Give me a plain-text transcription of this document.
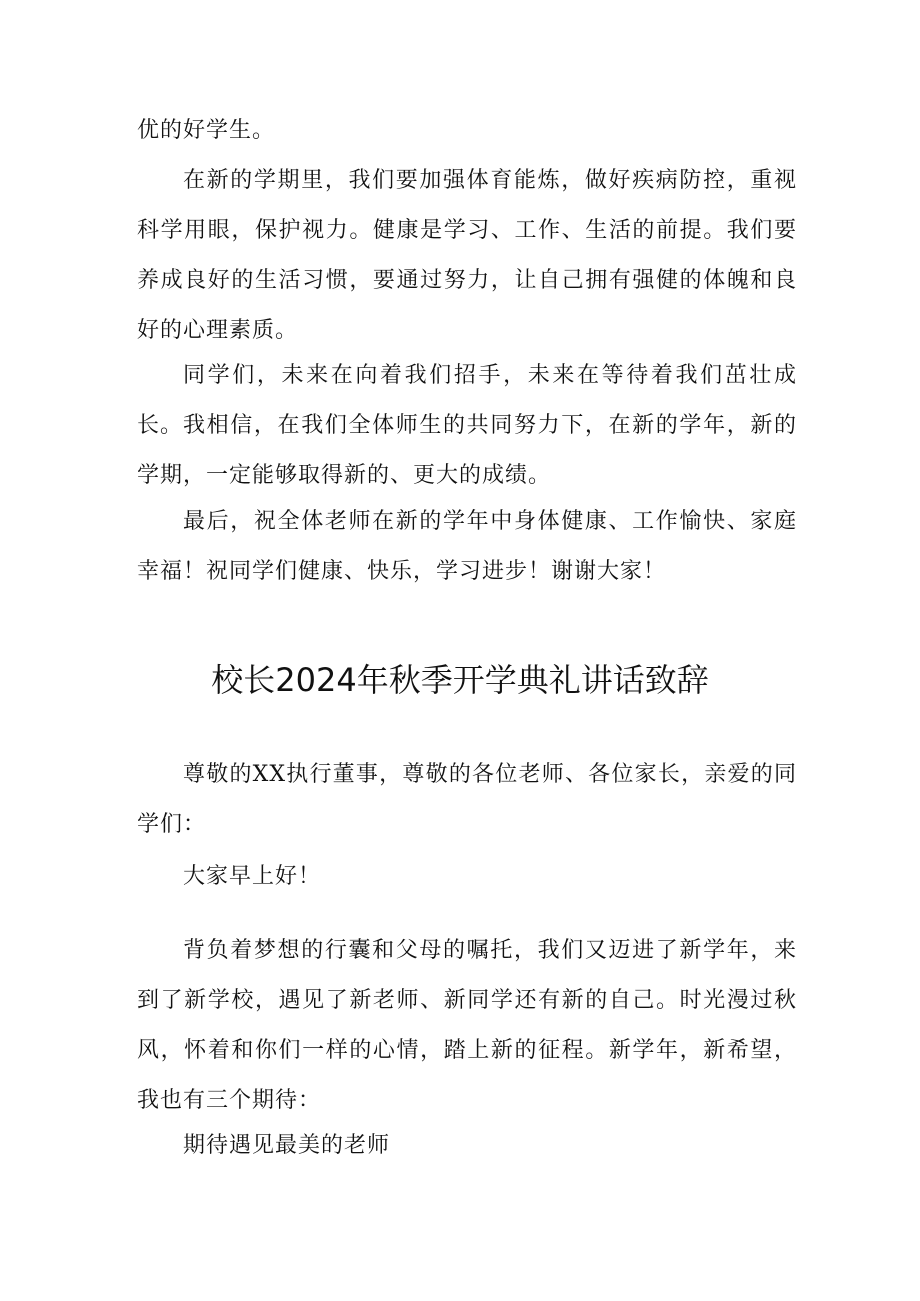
优的好学生。

在新的学期里，我们要加强体育能炼，做好疾病防控，重视科学用眼，保护视力。健康是学习、工作、生活的前提。我们要养成良好的生活习惯，要通过努力，让自己拥有强健的体魄和良好的心理素质。

同学们，未来在向着我们招手，未来在等待着我们茁壮成长。 我相信，在我们全体师生的共同努力下，在新的学年，新的学期，一定能够取得新的、更大的成绩。

最后，祝全体老师在新的学年中身体健康、工作愉快、家庭幸福！祝同学们健康、快乐，学习进步！谢谢大家！

校长2024年秋季开学典礼讲话致辞

尊敬的XX执行董事，尊敬的各位老师、各位家长，亲爱的同学们：

大家早上好！

背负着梦想的行囊和父母的嘱托，我们又迈进了新学年，来到了新学校，遇见了新老师、新同学还有新的自己。时光漫过秋风，怀着和你们一样的心情，踏上新的征程。新学年，新希望，我也有三个期待：

期待遇见最美的老师
